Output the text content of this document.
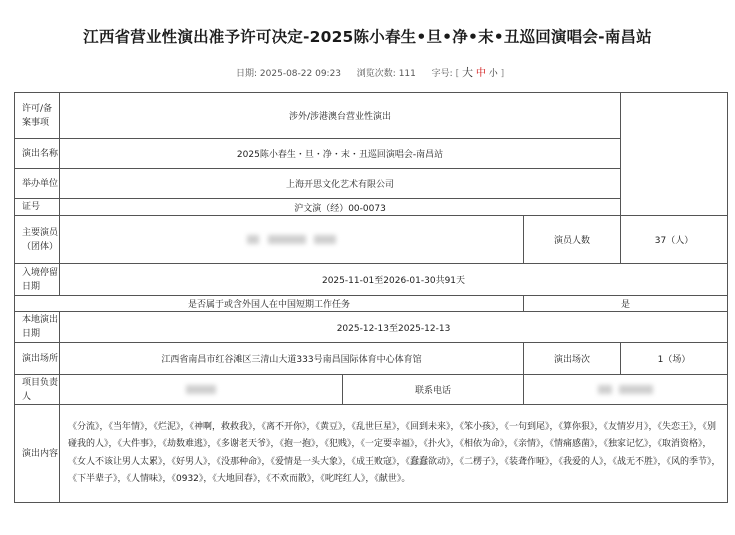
江西省营业性演出准予许可决定-2025陈小春生•旦•净•末•丑巡回演唱会-南昌站
日期: 2025-08-22 09:23 浏览次数: 111 字号: [ 大 中 小 ]
许可/备案事项	涉外/涉港澳台营业性演出			
演出名称	2025陈小春生・旦・净・末・丑巡回演唱会-南昌站			
举办单位	上海开思文化艺术有限公司			
证号	沪文演（经）00-0073			
主要演员（团体）			演员人数	37（人）
入境停留日期	2025-11-01至2026-01-30共91天			
是否属于或含外国人在中国短期工作任务			是	
本地演出日期	2025-12-13至2025-12-13			
演出场所	江西省南昌市红谷滩区三清山大道333号南昌国际体育中心体育馆		演出场次	1（场）
项目负责人		联系电话		
演出内容	《分流》，《当年情》，《烂泥》，《神啊，救救我》，《离不开你》，《黄豆》，《乱世巨星》，《回到未来》，《笨小孩》，《一句到尾》，《算你狠》，《友情岁月》，《失恋王》，《别碰我的人》，《大件事》，《劫数难逃》，《多谢老天爷》，《抱一抱》，《犯贱》，《一定要幸福》，《扑火》，《相依为命》，《亲情》，《情痛感菌》，《独家记忆》，《取消资格》，《女人不该让男人太累》，《好男人》，《没那种命》，《爱情是一头大象》，《成王败寇》，《蠢蠢欲动》，《二楞子》，《装聋作哑》，《我爱的人》，《战无不胜》，《风的季节》，《下半辈子》，《人情味》，《0932》，《大地回春》，《不欢而散》，《叱咤红人》，《献世》。			
